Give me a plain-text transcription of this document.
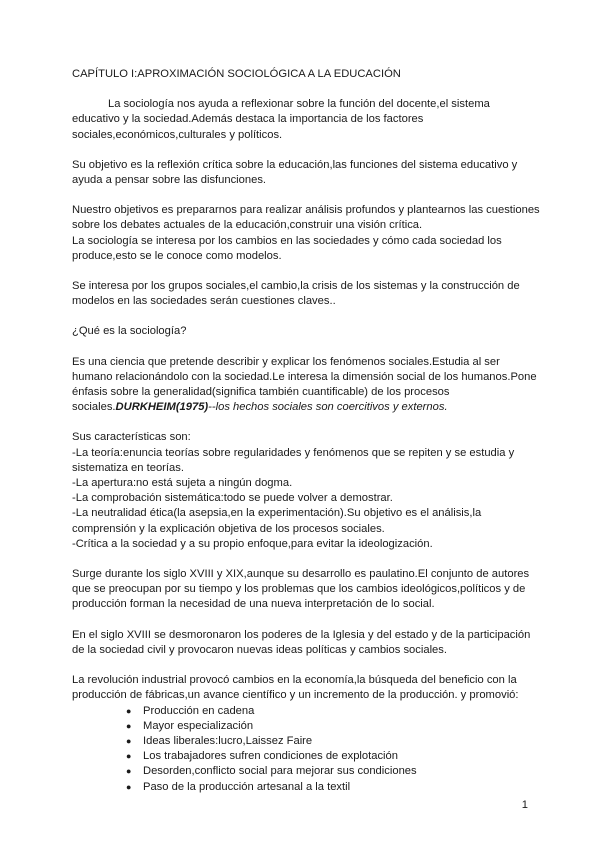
CAPÍTULO I:APROXIMACIÓN SOCIOLÓGICA A LA EDUCACIÓN

La sociología nos ayuda a reflexionar sobre la función del docente,el sistema educativo y la sociedad.Además destaca la importancia de los factores sociales,económicos,culturales y políticos.

Su objetivo es la reflexión crítica sobre la educación,las funciones del sistema educativo y ayuda a pensar sobre las disfunciones.

Nuestro objetivos es prepararnos para realizar análisis profundos y plantearnos las cuestiones sobre los debates actuales de la educación,construir una visión crítica.

La sociología se interesa por los cambios en las sociedades y cómo cada sociedad los produce,esto se le conoce como modelos.

Se interesa por los grupos sociales,el cambio,la crisis de los sistemas y la construcción de modelos en las sociedades serán cuestiones claves..

¿Qué es la sociología?

Es una ciencia que pretende describir y explicar los fenómenos sociales.Estudia al ser humano relacionándolo con la sociedad.Le interesa la dimensión social de los humanos.Pone énfasis sobre la generalidad(significa también cuantificable) de los procesos sociales.DURKHEIM(1975)--los hechos sociales son coercitivos y externos.

Sus características son:
-La teoría:enuncia teorías sobre regularidades y fenómenos que se repiten y se estudia y sistematiza en teorías.
-La apertura:no está sujeta a ningún dogma.
-La comprobación sistemática:todo se puede volver a demostrar.
-La neutralidad ética(la asepsia,en la experimentación).Su objetivo es el análisis,la comprensión y la explicación objetiva de los procesos sociales.
-Crítica a la sociedad y a su propio enfoque,para evitar la ideologización.

Surge durante los siglo XVIII y XIX,aunque su desarrollo es paulatino.El conjunto de autores que se preocupan por su tiempo y los problemas que los cambios ideológicos,políticos y de producción forman la necesidad de una nueva interpretación de lo social.

En el siglo XVIII se desmoronaron los poderes de la Iglesia y del estado y de la participación de la sociedad civil y provocaron nuevas ideas políticas y cambios sociales.

La revolución industrial provocó cambios en la economía,la búsqueda del beneficio con la producción de fábricas,un avance científico y un incremento de la producción. y promovió:

● Producción en cadena
● Mayor especialización
● Ideas liberales:lucro,Laissez Faire
● Los trabajadores sufren condiciones de explotación
● Desorden,conflicto social para mejorar sus condiciones
● Paso de la producción artesanal a la textil
1
